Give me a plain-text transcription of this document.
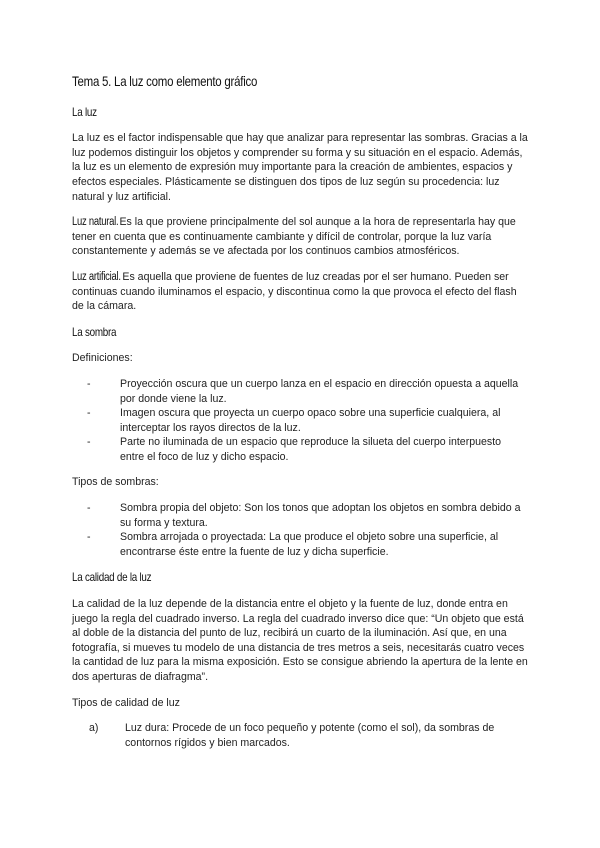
Tema 5. La luz como elemento gráfico
La luz

La luz es el factor indispensable que hay que analizar para representar las sombras. Gracias a la luz podemos distinguir los objetos y comprender su forma y su situación en el espacio. Además, la luz es un elemento de expresión muy importante para la creación de ambientes, espacios y efectos especiales. Plásticamente se distinguen dos tipos de luz según su procedencia: luz natural y luz artificial.

Luz natural. Es la que proviene principalmente del sol aunque a la hora de representarla hay que tener en cuenta que es continuamente cambiante y difícil de controlar, porque la luz varía constantemente y además se ve afectada por los continuos cambios atmosféricos.

Luz artificial. Es aquella que proviene de fuentes de luz creadas por el ser humano. Pueden ser continuas cuando iluminamos el espacio, y discontinua como la que provoca el efecto del flash de la cámara.

La sombra

Definiciones:

-	Proyección oscura que un cuerpo lanza en el espacio en dirección opuesta a aquella por donde viene la luz.
-	Imagen oscura que proyecta un cuerpo opaco sobre una superficie cualquiera, al interceptar los rayos directos de la luz.
-	Parte no iluminada de un espacio que reproduce la silueta del cuerpo interpuesto entre el foco de luz y dicho espacio.

Tipos de sombras:

-	Sombra propia del objeto: Son los tonos que adoptan los objetos en sombra debido a su forma y textura.
-	Sombra arrojada o proyectada: La que produce el objeto sobre una superficie, al encontrarse éste entre la fuente de luz y dicha superficie.
La calidad de la luz

La calidad de la luz depende de la distancia entre el objeto y la fuente de luz, donde entra en juego la regla del cuadrado inverso. La regla del cuadrado inverso dice que: “Un objeto que está al doble de la distancia del punto de luz, recibirá un cuarto de la iluminación. Así que, en una fotografía, si mueves tu modelo de una distancia de tres metros a seis, necesitarás cuatro veces la cantidad de luz para la misma exposición. Esto se consigue abriendo la apertura de la lente en dos aperturas de diafragma”.

Tipos de calidad de luz

a)	Luz dura: Procede de un foco pequeño y potente (como el sol), da sombras de contornos rígidos y bien marcados.
